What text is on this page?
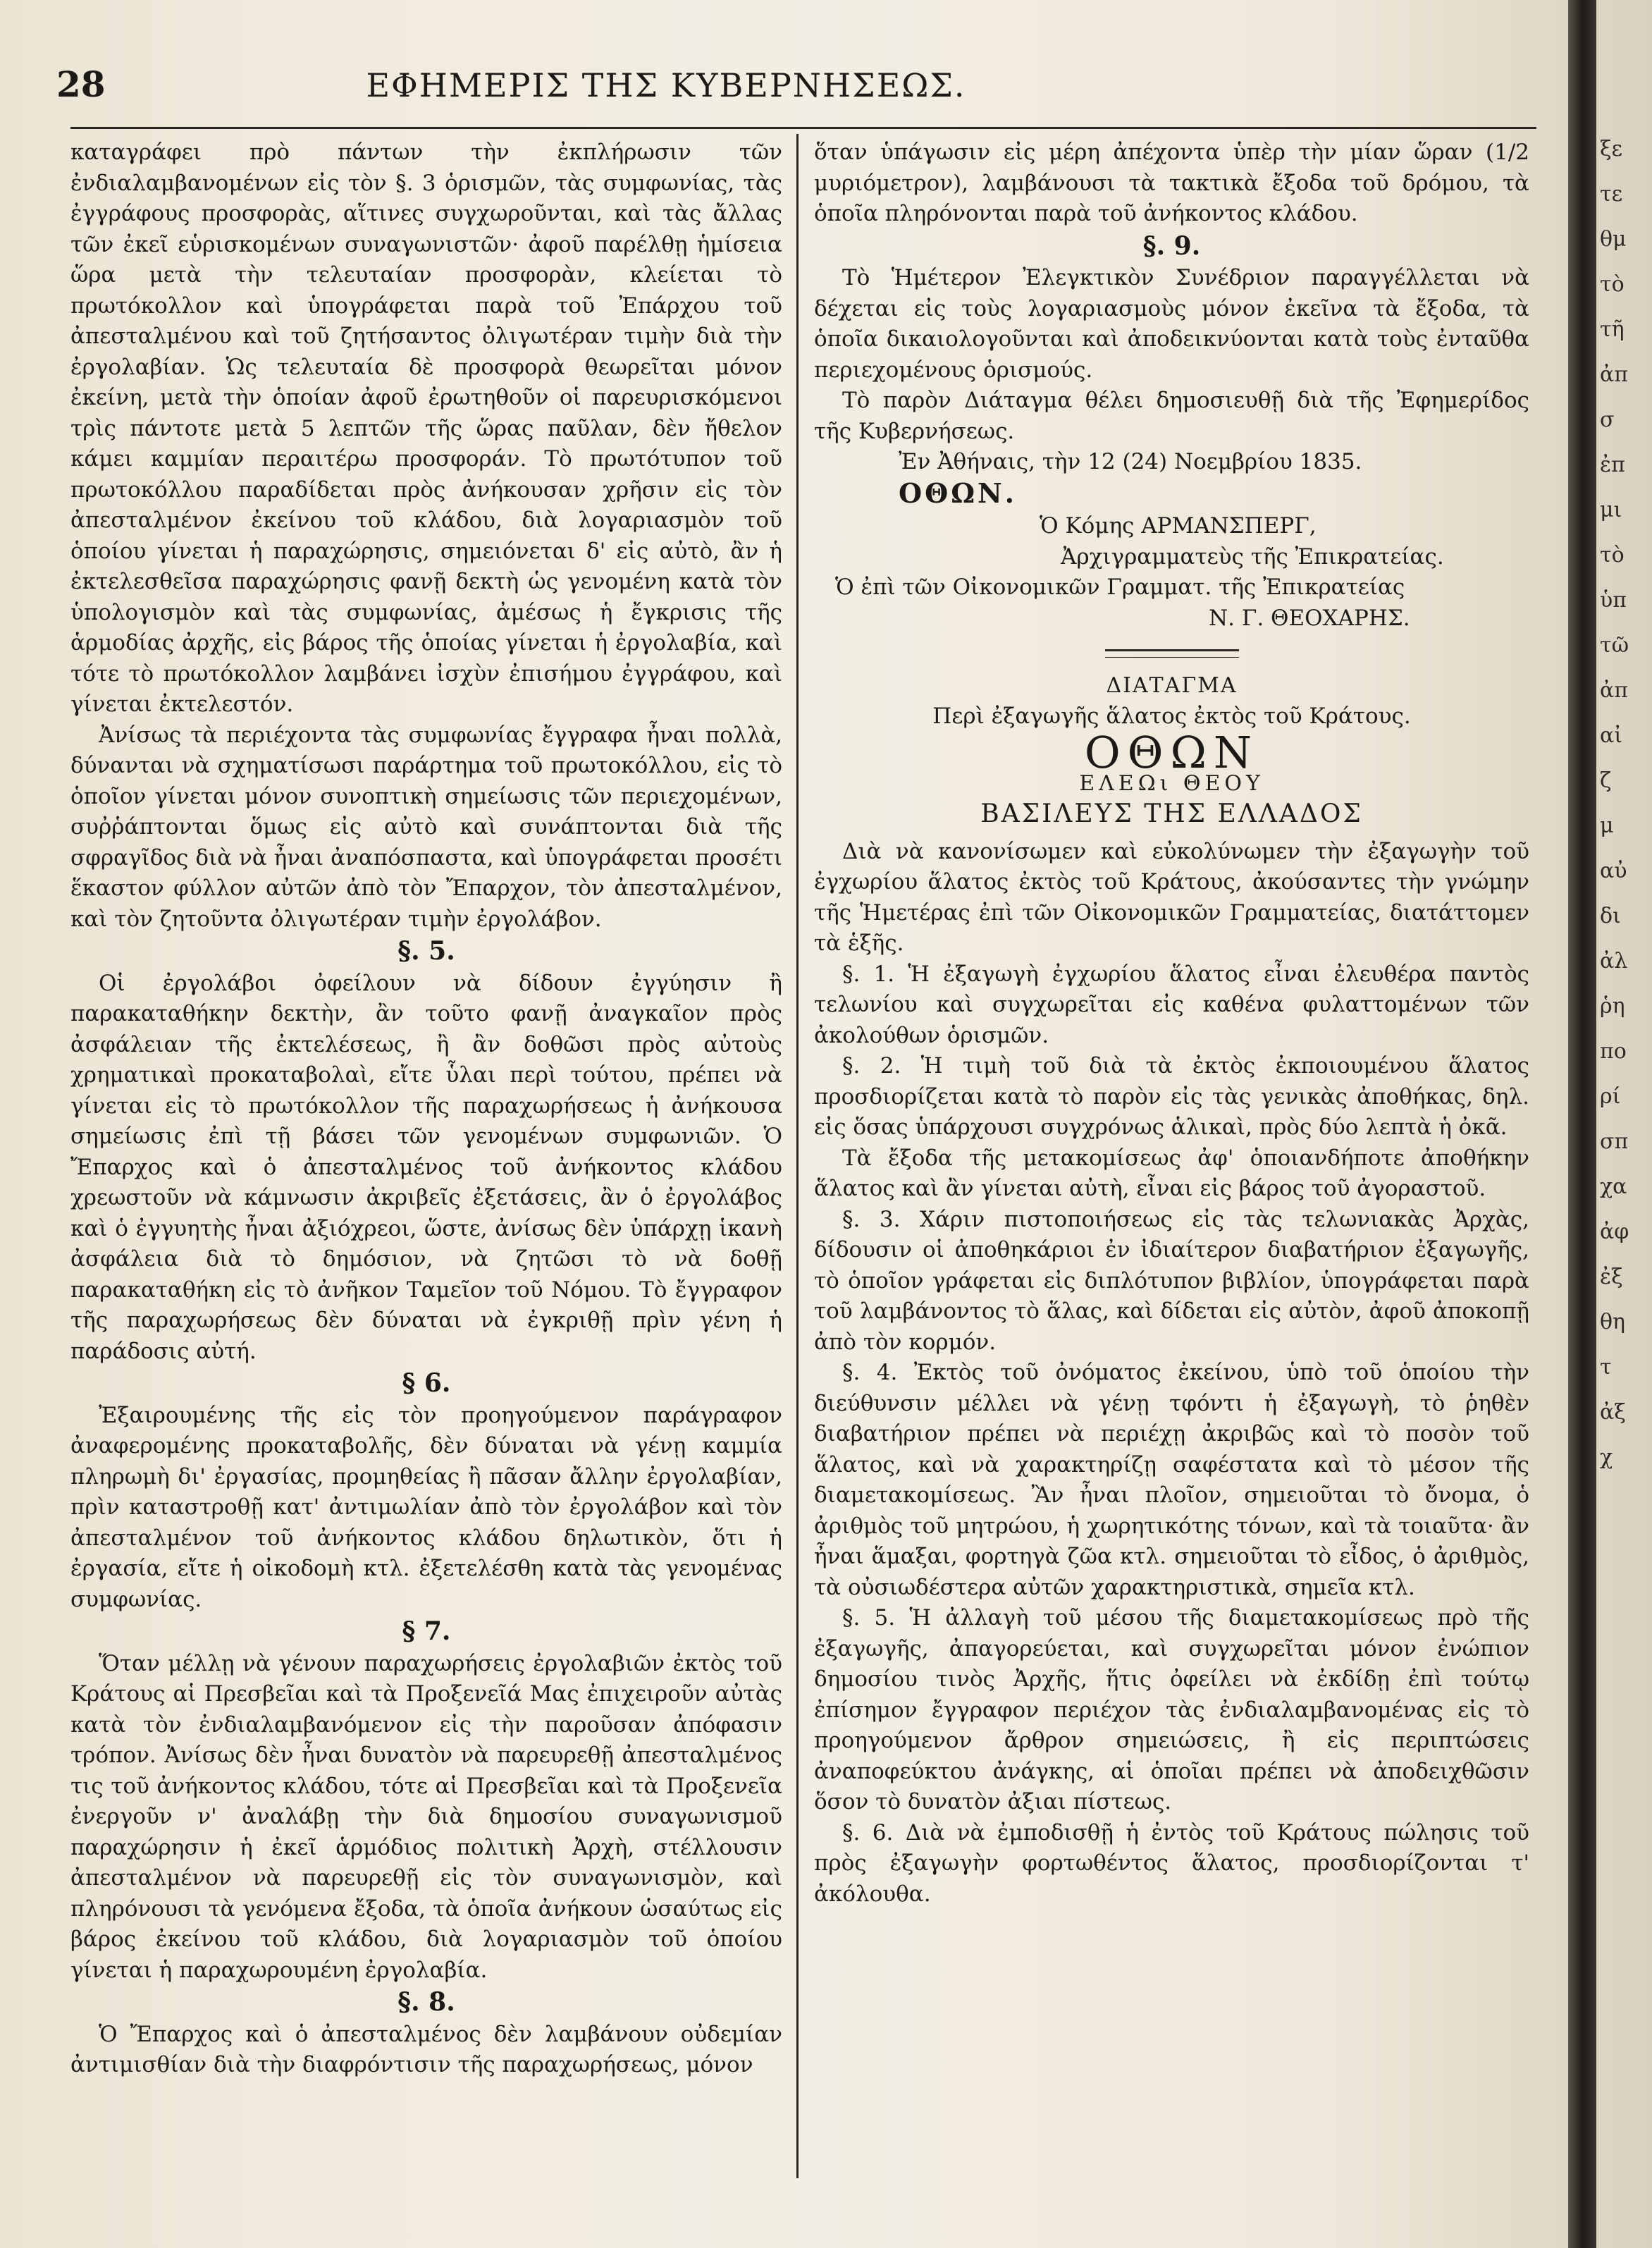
28	ΕΦΗΜΕΡΙΣ ΤΗΣ ΚΥΒΕΡΝΗΣΕΩΣ.

καταγράφει πρὸ πάντων τὴν ἐκπλήρωσιν τῶν ἐνδιαλαμβανομένων εἰς τὸν §. 3 ὁρισμῶν, τὰς συμφωνίας, τὰς ἐγγράφους προσφορὰς, αἵτινες συγχωροῦνται, καὶ τὰς ἄλλας τῶν ἐκεῖ εὑρισκομένων συναγωνιστῶν· ἀφοῦ παρέλθῃ ἡμίσεια ὥρα μετὰ τὴν τελευταίαν προσφορὰν, κλείεται τὸ πρωτόκολλον καὶ ὑπογράφεται παρὰ τοῦ Ἐπάρχου τοῦ ἀπεσταλμένου καὶ τοῦ ζητήσαντος ὀλιγωτέραν τιμὴν διὰ τὴν ἐργολαβίαν. Ὡς τελευταία δὲ προσφορὰ θεωρεῖται μόνον ἐκείνη, μετὰ τὴν ὁποίαν ἀφοῦ ἐρωτηθοῦν οἱ παρευρισκόμενοι τρὶς πάντοτε μετὰ 5 λεπτῶν τῆς ὥρας παῦλαν, δὲν ἤθελον κάμει καμμίαν περαιτέρω προσφοράν. Τὸ πρωτότυπον τοῦ πρωτοκόλλου παραδίδεται πρὸς ἀνήκουσαν χρῆσιν εἰς τὸν ἀπεσταλμένον ἐκείνου τοῦ κλάδου, διὰ λογαριασμὸν τοῦ ὁποίου γίνεται ἡ παραχώρησις, σημειόνεται δ' εἰς αὐτὸ, ἂν ἡ ἐκτελεσθεῖσα παραχώρησις φανῇ δεκτὴ ὡς γενομένη κατὰ τὸν ὑπολογισμὸν καὶ τὰς συμφωνίας, ἀμέσως ἡ ἔγκρισις τῆς ἁρμοδίας ἀρχῆς, εἰς βάρος τῆς ὁποίας γίνεται ἡ ἐργολαβία, καὶ τότε τὸ πρωτόκολλον λαμβάνει ἰσχὺν ἐπισήμου ἐγγράφου, καὶ γίνεται ἐκτελεστόν.

Ἀνίσως τὰ περιέχοντα τὰς συμφωνίας ἔγγραφα ἦναι πολλὰ, δύνανται νὰ σχηματίσωσι παράρτημα τοῦ πρωτοκόλλου, εἰς τὸ ὁποῖον γίνεται μόνον συνοπτικὴ σημείωσις τῶν περιεχομένων, συῤῥάπτονται ὅμως εἰς αὐτὸ καὶ συνάπτονται διὰ τῆς σφραγῖδος διὰ νὰ ἦναι ἀναπόσπαστα, καὶ ὑπογράφεται προσέτι ἕκαστον φύλλον αὐτῶν ἀπὸ τὸν Ἔπαρχον, τὸν ἀπεσταλμένον, καὶ τὸν ζητοῦντα ὀλιγωτέραν τιμὴν ἐργολάβον.

§. 5.

Οἱ ἐργολάβοι ὀφείλουν νὰ δίδουν ἐγγύησιν ἢ παρακαταθήκην δεκτὴν, ἂν τοῦτο φανῇ ἀναγκαῖον πρὸς ἀσφάλειαν τῆς ἐκτελέσεως, ἢ ἂν δοθῶσι πρὸς αὐτοὺς χρηματικαὶ προκαταβολαὶ, εἴτε ὗλαι περὶ τούτου, πρέπει νὰ γίνεται εἰς τὸ πρωτόκολλον τῆς παραχωρήσεως ἡ ἀνήκουσα σημείωσις ἐπὶ τῇ βάσει τῶν γενομένων συμφωνιῶν. Ὁ Ἔπαρχος καὶ ὁ ἀπεσταλμένος τοῦ ἀνήκοντος κλάδου χρεωστοῦν νὰ κάμνωσιν ἀκριβεῖς ἐξετάσεις, ἂν ὁ ἐργολάβος καὶ ὁ ἐγγυητὴς ἦναι ἀξιόχρεοι, ὥστε, ἀνίσως δὲν ὑπάρχῃ ἱκανὴ ἀσφάλεια διὰ τὸ δημόσιον, νὰ ζητῶσι τὸ νὰ δοθῇ παρακαταθήκη εἰς τὸ ἀνῆκον Ταμεῖον τοῦ Νόμου. Τὸ ἔγγραφον τῆς παραχωρήσεως δὲν δύναται νὰ ἐγκριθῇ πρὶν γένη ἡ παράδοσις αὐτή.

§ 6.

Ἐξαιρουμένης τῆς εἰς τὸν προηγούμενον παράγραφον ἀναφερομένης προκαταβολῆς, δὲν δύναται νὰ γένῃ καμμία πληρωμὴ δι' ἐργασίας, προμηθείας ἢ πᾶσαν ἄλλην ἐργολαβίαν, πρὶν καταστροθῇ κατ' ἀντιμωλίαν ἀπὸ τὸν ἐργολάβον καὶ τὸν ἀπεσταλμένον τοῦ ἀνήκοντος κλάδου δηλωτικὸν, ὅτι ἡ ἐργασία, εἴτε ἡ οἰκοδομὴ κτλ. ἐξετελέσθη κατὰ τὰς γενομένας συμφωνίας.

§ 7.

Ὅταν μέλλῃ νὰ γένουν παραχωρήσεις ἐργολαβιῶν ἐκτὸς τοῦ Κράτους αἱ Πρεσβεῖαι καὶ τὰ Προξενεῖά Μας ἐπιχειροῦν αὐτὰς κατὰ τὸν ἐνδιαλαμβανόμενον εἰς τὴν παροῦσαν ἀπόφασιν τρόπον. Ἀνίσως δὲν ἦναι δυνατὸν νὰ παρευρεθῇ ἀπεσταλμένος τις τοῦ ἀνήκοντος κλάδου, τότε αἱ Πρεσβεῖαι καὶ τὰ Προξενεῖα ἐνεργοῦν ν' ἀναλάβῃ τὴν διὰ δημοσίου συναγωνισμοῦ παραχώρησιν ἡ ἐκεῖ ἁρμόδιος πολιτικὴ Ἀρχὴ, στέλλουσιν ἀπεσταλμένον νὰ παρευρεθῇ εἰς τὸν συναγωνισμὸν, καὶ πληρόνουσι τὰ γενόμενα ἔξοδα, τὰ ὁποῖα ἀνήκουν ὡσαύτως εἰς βάρος ἐκείνου τοῦ κλάδου, διὰ λογαριασμὸν τοῦ ὁποίου γίνεται ἡ παραχωρουμένη ἐργολαβία.

§. 8.

Ὁ Ἔπαρχος καὶ ὁ ἀπεσταλμένος δὲν λαμβάνουν οὐδεμίαν ἀντιμισθίαν διὰ τὴν διαφρόντισιν τῆς παραχωρήσεως, μόνον

ὅταν ὑπάγωσιν εἰς μέρη ἀπέχοντα ὑπὲρ τὴν μίαν ὥραν (1/2 μυριόμετρον), λαμβάνουσι τὰ τακτικὰ ἔξοδα τοῦ δρόμου, τὰ ὁποῖα πληρόνονται παρὰ τοῦ ἀνήκοντος κλάδου.

§. 9.

Τὸ Ἡμέτερον Ἐλεγκτικὸν Συνέδριον παραγγέλλεται νὰ δέχεται εἰς τοὺς λογαριασμοὺς μόνον ἐκεῖνα τὰ ἔξοδα, τὰ ὁποῖα δικαιολογοῦνται καὶ ἀποδεικνύονται κατὰ τοὺς ἐνταῦθα περιεχομένους ὁρισμούς.

Τὸ παρὸν Διάταγμα θέλει δημοσιευθῇ διὰ τῆς Ἐφημερίδος τῆς Κυβερνήσεως.

Ἐν Ἀθήναις, τὴν 12 (24) Νοεμβρίου 1835.

ΟΘΩΝ.

Ὁ Κόμης ΑΡΜΑΝΣΠΕΡΓ,

Ἀρχιγραμματεὺς τῆς Ἐπικρατείας.

Ὁ ἐπὶ τῶν Οἰκονομικῶν Γραμματ. τῆς Ἐπικρατείας

Ν. Γ. ΘΕΟΧΑΡΗΣ.

ΔΙΑΤΑΓΜΑ
Περὶ ἐξαγωγῆς ἅλατος ἐκτὸς τοῦ Κράτους.
ΟΘΩΝ
ΕΛΕΩι ΘΕΟΥ
ΒΑΣΙΛΕΥΣ ΤΗΣ ΕΛΛΑΔΟΣ

Διὰ νὰ κανονίσωμεν καὶ εὐκολύνωμεν τὴν ἐξαγωγὴν τοῦ ἐγχωρίου ἅλατος ἐκτὸς τοῦ Κράτους, ἀκούσαντες τὴν γνώμην τῆς Ἡμετέρας ἐπὶ τῶν Οἰκονομικῶν Γραμματείας, διατάττομεν τὰ ἑξῆς.

§. 1. Ἡ ἐξαγωγὴ ἐγχωρίου ἅλατος εἶναι ἐλευθέρα παντὸς τελωνίου καὶ συγχωρεῖται εἰς καθένα φυλαττομένων τῶν ἀκολούθων ὁρισμῶν.

§. 2. Ἡ τιμὴ τοῦ διὰ τὰ ἐκτὸς ἐκποιουμένου ἅλατος προσδιορίζεται κατὰ τὸ παρὸν εἰς τὰς γενικὰς ἀποθήκας, δηλ. εἰς ὅσας ὑπάρχουσι συγχρόνως ἁλικαὶ, πρὸς δύο λεπτὰ ἡ ὀκᾶ.

Τὰ ἔξοδα τῆς μετακομίσεως ἀφ' ὁποιανδήποτε ἀποθήκην ἅλατος καὶ ἂν γίνεται αὐτὴ, εἶναι εἰς βάρος τοῦ ἀγοραστοῦ.

§. 3. Χάριν πιστοποιήσεως εἰς τὰς τελωνιακὰς Ἀρχὰς, δίδουσιν οἱ ἀποθηκάριοι ἐν ἰδιαίτερον διαβατήριον ἐξαγωγῆς, τὸ ὁποῖον γράφεται εἰς διπλότυπον βιβλίον, ὑπογράφεται παρὰ τοῦ λαμβάνοντος τὸ ἅλας, καὶ δίδεται εἰς αὐτὸν, ἀφοῦ ἀποκοπῇ ἀπὸ τὸν κορμόν.

§. 4. Ἐκτὸς τοῦ ὀνόματος ἐκείνου, ὑπὸ τοῦ ὁποίου τὴν διεύθυνσιν μέλλει νὰ γένῃ τφόντι ἡ ἐξαγωγὴ, τὸ ῥηθὲν διαβατήριον πρέπει νὰ περιέχῃ ἀκριβῶς καὶ τὸ ποσὸν τοῦ ἅλατος, καὶ νὰ χαρακτηρίζῃ σαφέστατα καὶ τὸ μέσον τῆς διαμετακομίσεως. Ἂν ἦναι πλοῖον, σημειοῦται τὸ ὄνομα, ὁ ἀριθμὸς τοῦ μητρώου, ἡ χωρητικότης τόνων, καὶ τὰ τοιαῦτα· ἂν ἦναι ἅμαξαι, φορτηγὰ ζῶα κτλ. σημειοῦται τὸ εἶδος, ὁ ἀριθμὸς, τὰ οὐσιωδέστερα αὐτῶν χαρακτηριστικὰ, σημεῖα κτλ.

§. 5. Ἡ ἀλλαγὴ τοῦ μέσου τῆς διαμετακομίσεως πρὸ τῆς ἐξαγωγῆς, ἀπαγορεύεται, καὶ συγχωρεῖται μόνον ἐνώπιον δημοσίου τινὸς Ἀρχῆς, ἥτις ὀφείλει νὰ ἐκδίδῃ ἐπὶ τούτῳ ἐπίσημον ἔγγραφον περιέχον τὰς ἐνδιαλαμβανομένας εἰς τὸ προηγούμενον ἄρθρον σημειώσεις, ἢ εἰς περιπτώσεις ἀναποφεύκτου ἀνάγκης, αἱ ὁποῖαι πρέπει νὰ ἀποδειχθῶσιν ὅσον τὸ δυνατὸν ἀξιαι πίστεως.

§. 6. Διὰ νὰ ἐμποδισθῇ ἡ ἐντὸς τοῦ Κράτους πώλησις τοῦ πρὸς ἐξαγωγὴν φορτωθέντος ἅλατος, προσδιορίζονται τ' ἀκόλουθα.

ξε
τε
θμ
τὸ
τῆ
ἀπ
σ
ἐπ
μι
τὸ
ὑπ
τῶ
ἀπ
αἰ
ζ
μ
αὐ
δι
ἀλ
ῥη
πο
ρί
σπ
χα
ἀφ
ἐξ
θη
τ
ἀξ
χ
